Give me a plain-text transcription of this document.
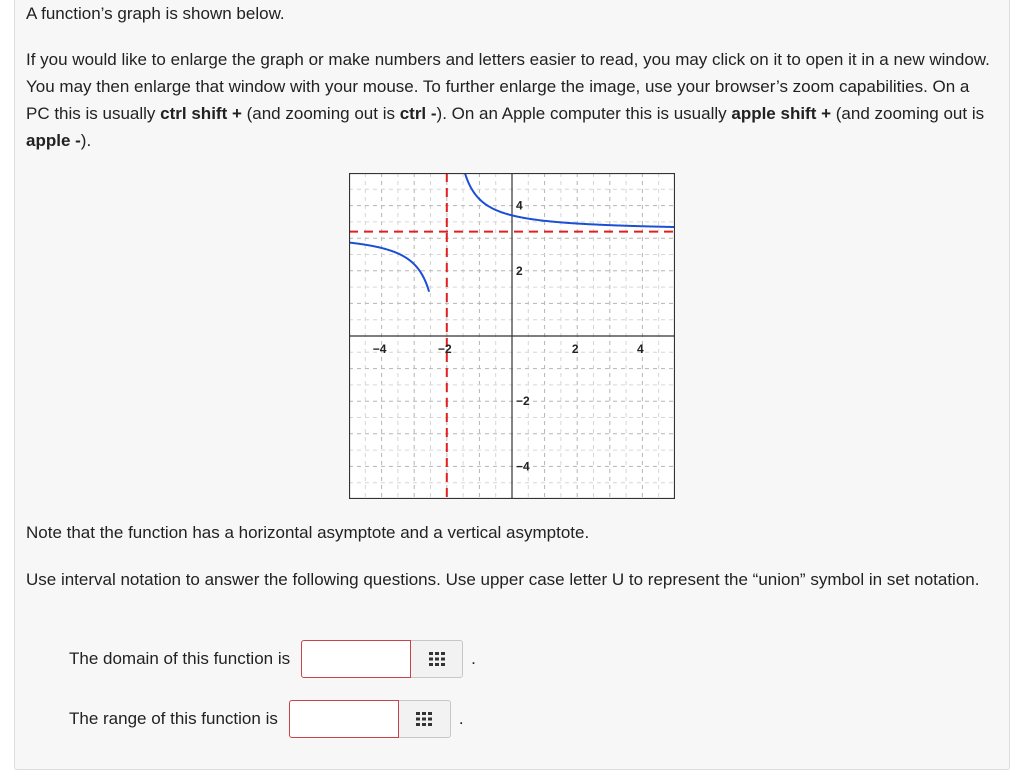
A function’s graph is shown below.

If you would like to enlarge the graph or make numbers and letters easier to read, you may click on it to open it in a new window. You may then enlarge that window with your mouse. To further enlarge the image, use your browser’s zoom capabilities. On a PC this is usually ctrl shift + (and zooming out is ctrl -). On an Apple computer this is usually apple shift + (and zooming out is apple -).

−4	−2	2	4
4
2
−2
−4

Note that the function has a horizontal asymptote and a vertical asymptote.

Use interval notation to answer the following questions. Use upper case letter U to represent the “union” symbol in set notation.

The domain of this function is	.
The range of this function is	.
